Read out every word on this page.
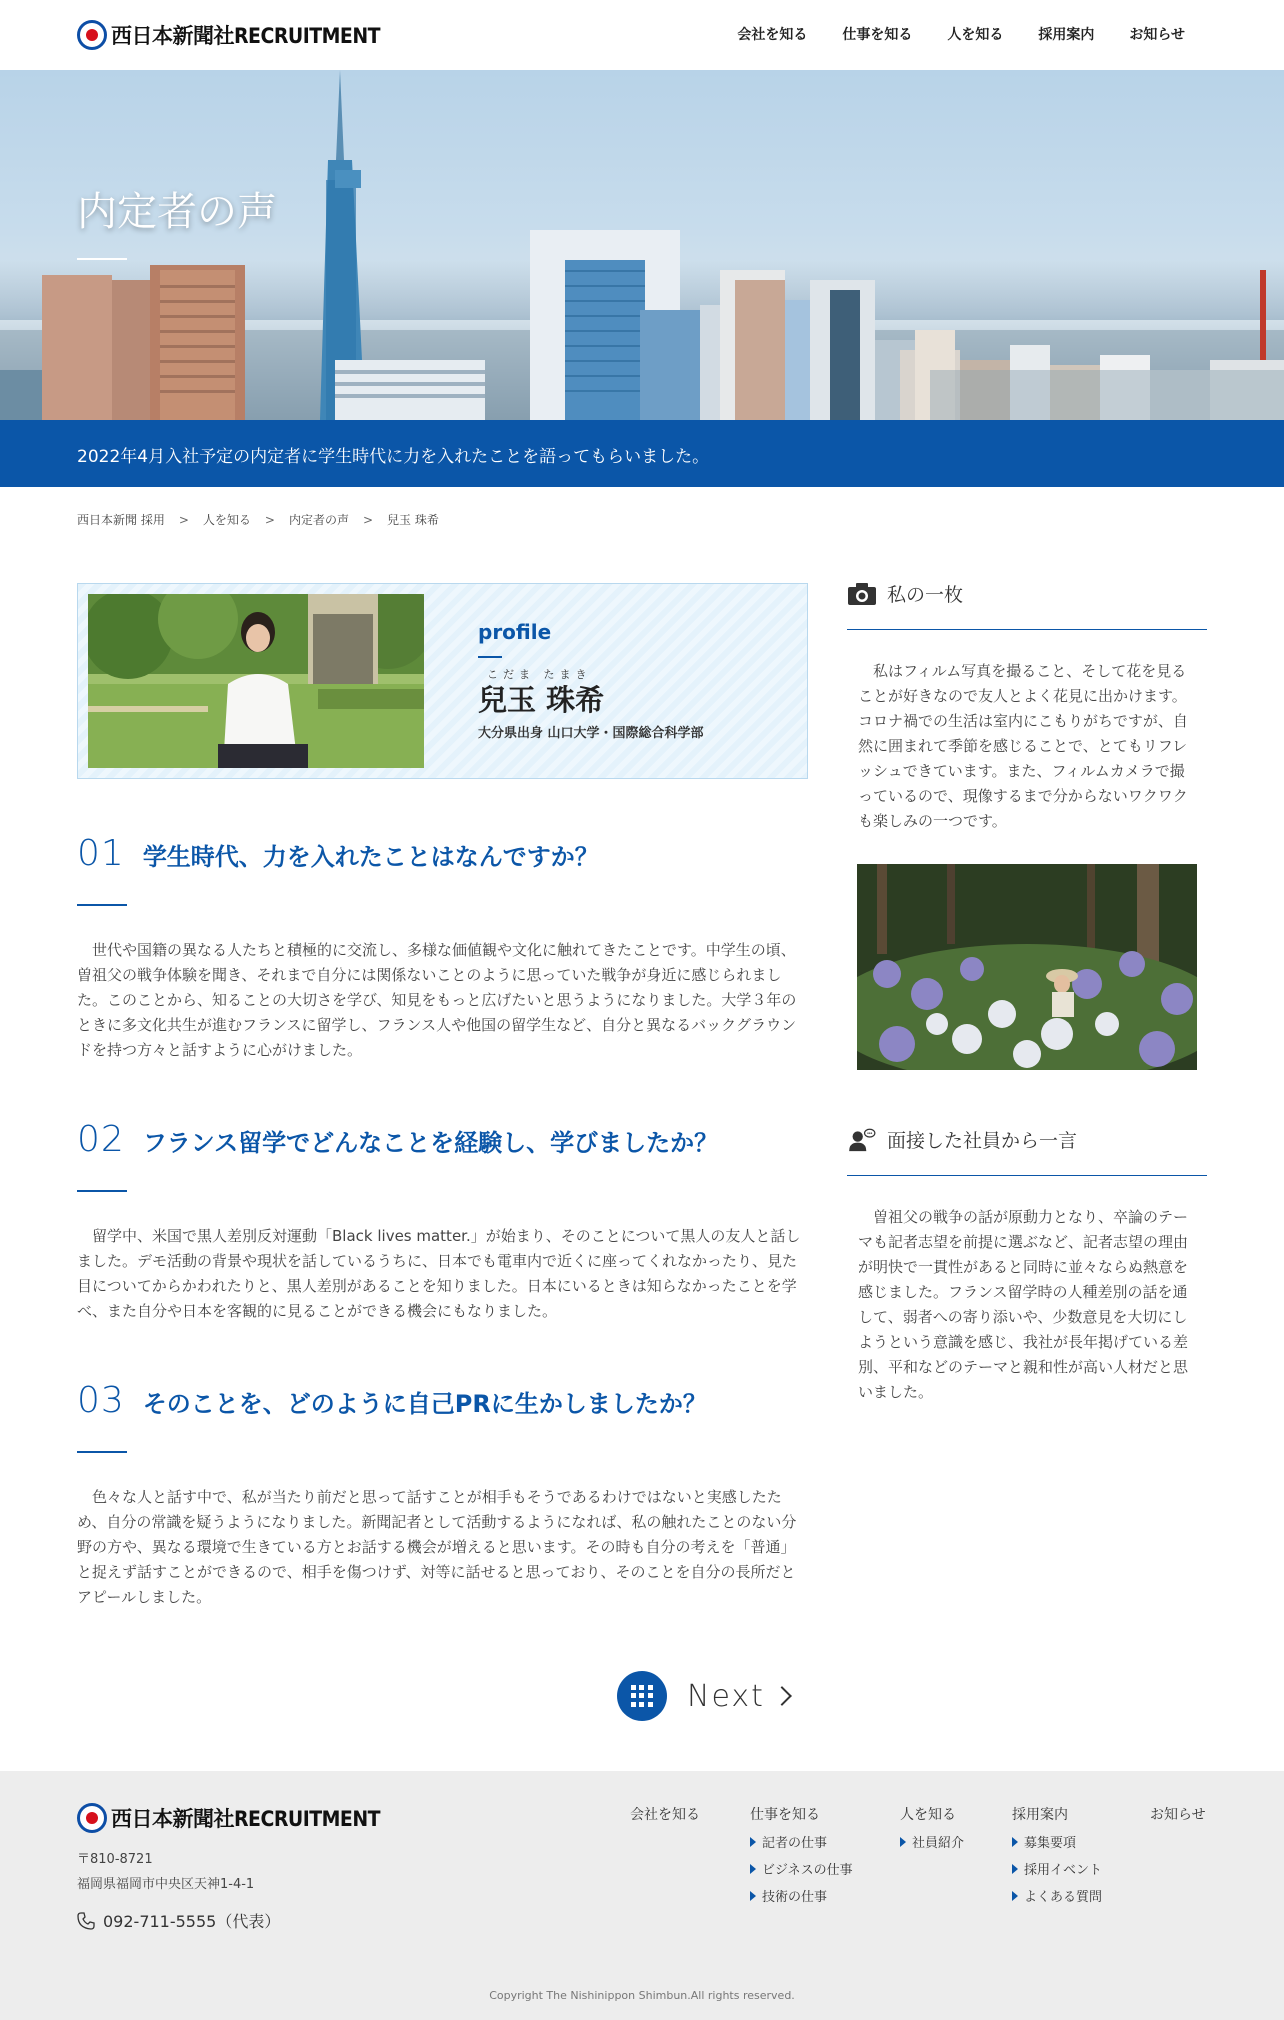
西日本新聞社RECRUITMENT	会社を知る	仕事を知る	人を知る	採用案内	お知らせ
内定者の声

2022年4月入社予定の内定者に学生時代に力を入れたことを語ってもらいました。

西日本新聞 採用 > 人を知る > 内定者の声 > 兒玉 珠希
profile
こだま たまき
兒玉 珠希
大分県出身 山口大学・国際総合科学部
01 学生時代、力を入れたことはなんですか？

世代や国籍の異なる人たちと積極的に交流し、多様な価値観や文化に触れてきたことです。中学生の頃、曽祖父の戦争体験を聞き、それまで自分には関係ないことのように思っていた戦争が身近に感じられました。このことから、知ることの大切さを学び、知見をもっと広げたいと思うようになりました。大学３年のときに多文化共生が進むフランスに留学し、フランス人や他国の留学生など、自分と異なるバックグラウンドを持つ方々と話すように心がけました。

02 フランス留学でどんなことを経験し、学びましたか？

留学中、米国で黒人差別反対運動「Black lives matter.」が始まり、そのことについて黒人の友人と話しました。デモ活動の背景や現状を話しているうちに、日本でも電車内で近くに座ってくれなかったり、見た目についてからかわれたりと、黒人差別があることを知りました。日本にいるときは知らなかったことを学べ、また自分や日本を客観的に見ることができる機会にもなりました。

03 そのことを、どのように自己PRに生かしましたか？

色々な人と話す中で、私が当たり前だと思って話すことが相手もそうであるわけではないと実感したため、自分の常識を疑うようになりました。新聞記者として活動するようになれば、私の触れたことのない分野の方や、異なる環境で生きている方とお話する機会が増えると思います。その時も自分の考えを「普通」と捉えず話すことができるので、相手を傷つけず、対等に話せると思っており、そのことを自分の長所だとアピールしました。

私の一枚

私はフィルム写真を撮ること、そして花を見ることが好きなので友人とよく花見に出かけます。コロナ禍での生活は室内にこもりがちですが、自然に囲まれて季節を感じることで、とてもリフレッシュできています。また、フィルムカメラで撮っているので、現像するまで分からないワクワクも楽しみの一つです。

面接した社員から一言

曽祖父の戦争の話が原動力となり、卒論のテーマも記者志望を前提に選ぶなど、記者志望の理由が明快で一貫性があると同時に並々ならぬ熱意を感じました。フランス留学時の人種差別の話を通して、弱者への寄り添いや、少数意見を大切にしようという意識を感じ、我社が長年掲げている差別、平和などのテーマと親和性が高い人材だと思いました。

Next
西日本新聞社RECRUITMENT
〒810-8721
福岡県福岡市中央区天神1-4-1
092-711-5555（代表）
会社を知る	仕事を知る
記者の仕事
ビジネスの仕事
技術の仕事
人を知る
社員紹介
採用案内
募集要項
採用イベント
よくある質問
お知らせ
Copyright The Nishinippon Shimbun.All rights reserved.
